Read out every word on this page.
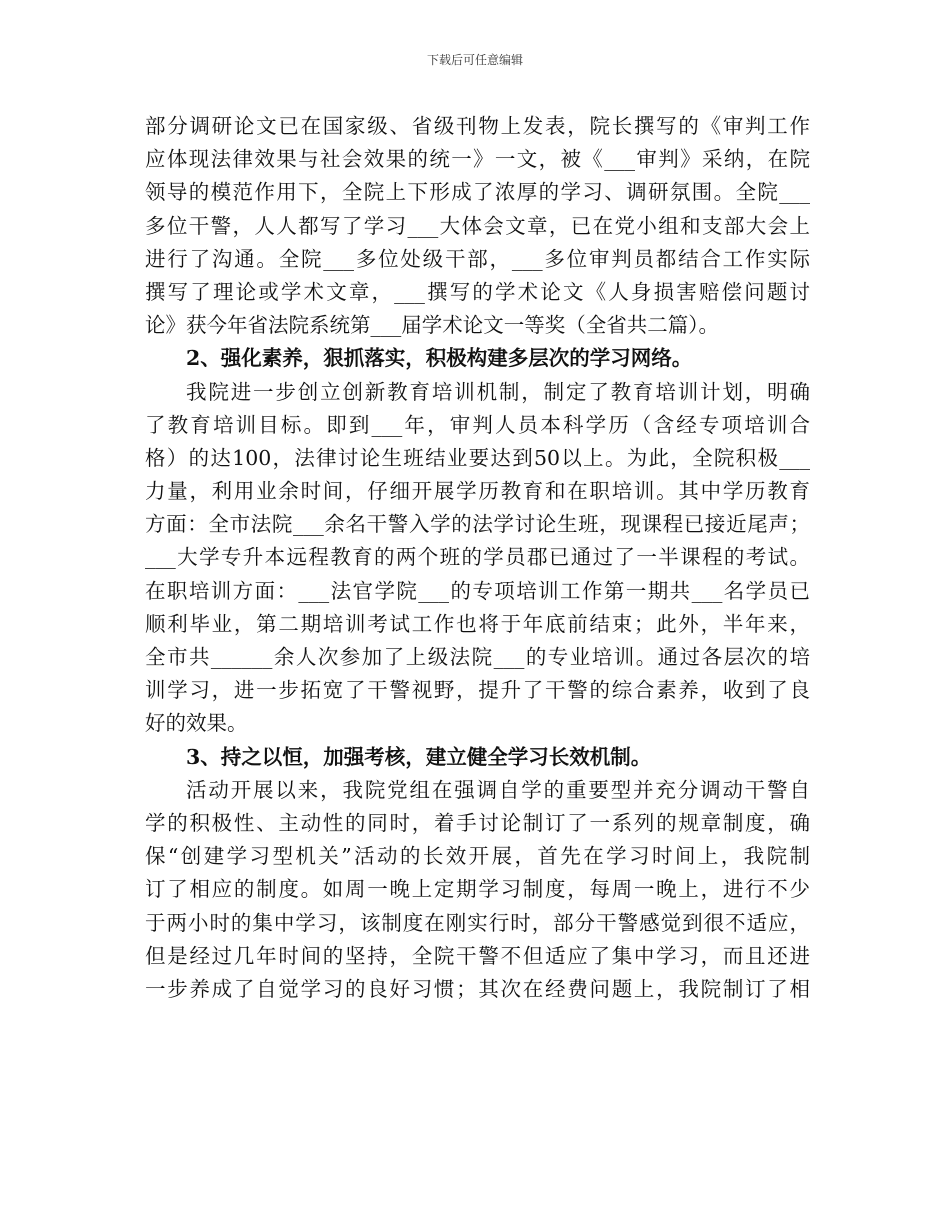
下载后可任意编辑
部分调研论文已在国家级、省级刊物上发表，院长撰写的《审判工作
应体现法律效果与社会效果的统一》一文，被《___审判》采纳，在院
领导的模范作用下，全院上下形成了浓厚的学习、调研氛围。全院___
多位干警，人人都写了学习___大体会文章，已在党小组和支部大会上
进行了沟通。全院___多位处级干部，___多位审判员都结合工作实际
撰写了理论或学术文章，___撰写的学术论文《人身损害赔偿问题讨
论》获今年省法院系统第___届学术论文一等奖（全省共二篇）。
2、强化素养，狠抓落实，积极构建多层次的学习网络。
我院进一步创立创新教育培训机制，制定了教育培训计划，明确
了教育培训目标。即到___年，审判人员本科学历（含经专项培训合
格）的达100，法律讨论生班结业要达到50以上。为此，全院积极___
力量，利用业余时间，仔细开展学历教育和在职培训。其中学历教育
方面：全市法院___余名干警入学的法学讨论生班，现课程已接近尾声；
___大学专升本远程教育的两个班的学员郡已通过了一半课程的考试。
在职培训方面：___法官学院___的专项培训工作第一期共___名学员已
顺利毕业，第二期培训考试工作也将于年底前结束；此外，半年来，
全市共______余人次参加了上级法院___的专业培训。通过各层次的培
训学习，进一步拓宽了干警视野，提升了干警的综合素养，收到了良
好的效果。
3、持之以恒，加强考核，建立健全学习长效机制。
活动开展以来，我院党组在强调自学的重要型并充分调动干警自
学的积极性、主动性的同时，着手讨论制订了一系列的规章制度，确
保“创建学习型机关”活动的长效开展，首先在学习时间上，我院制
订了相应的制度。如周一晚上定期学习制度，每周一晚上，进行不少
于两小时的集中学习，该制度在刚实行时，部分干警感觉到很不适应，
但是经过几年时间的坚持，全院干警不但适应了集中学习，而且还进
一步养成了自觉学习的良好习惯；其次在经费问题上，我院制订了相
